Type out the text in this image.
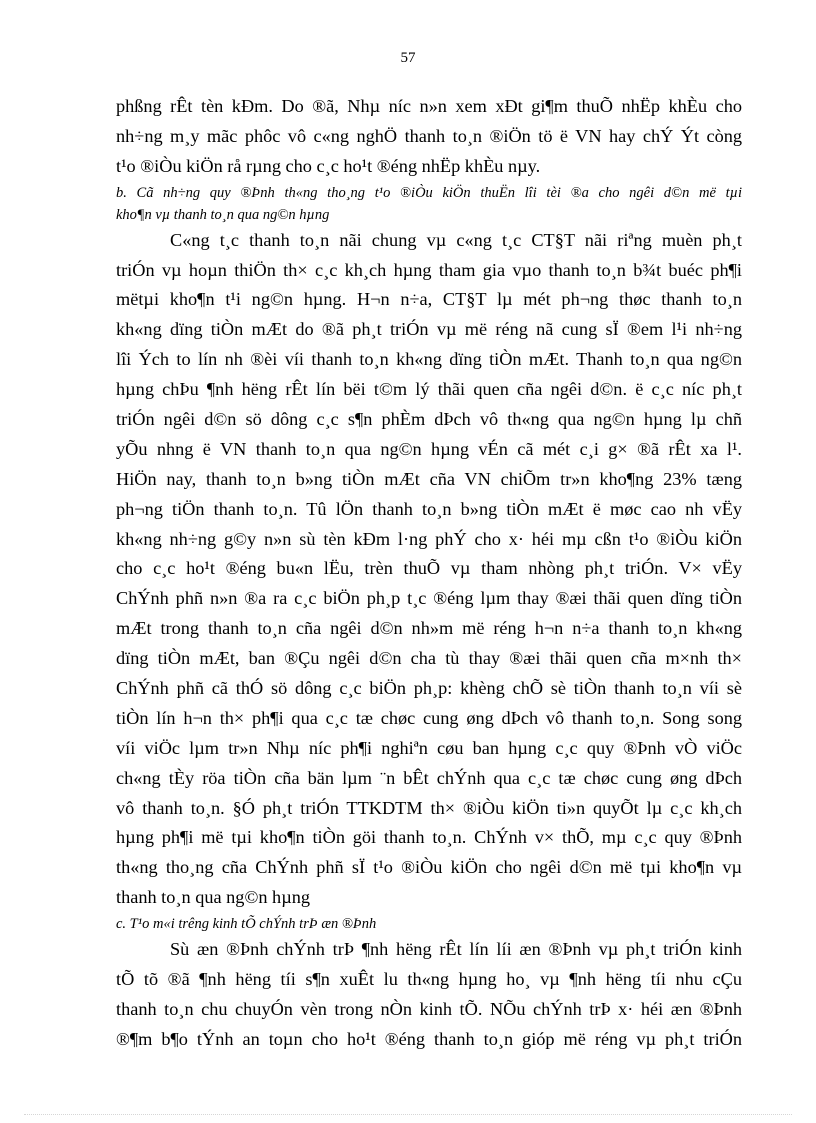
57
phßng rÊt tèn kÐm. Do ®ã, Nhµ níc n»n xem xÐt gi¶m thuÕ nhËp khÈu cho
nh÷ng m¸y mãc phôc vô c«ng nghÖ thanh to¸n ®iÖn tö ë VN hay chÝ Ýt còng
t¹o ®iÒu kiÖn rå rµng cho c¸c ho¹t ®éng nhËp khÈu nµy.
b. Cã nh÷ng quy ®Þnh th«ng tho¸ng t¹o ®iÒu kiÖn thuËn lîi tèi ®a cho ngêi d©n më tµi
kho¶n vµ thanh to¸n qua ng©n hµng
C«ng t¸c thanh to¸n nãi chung vµ c«ng t¸c CT§T nãi riªng muèn ph¸t
triÓn vµ hoµn thiÖn th× c¸c kh¸ch hµng tham gia vµo thanh to¸n b¾t buéc ph¶i
mëtµi kho¶n t¹i ng©n hµng. H¬n n÷a, CT§T lµ mét ph¬ng thøc thanh to¸n
kh«ng dïng tiÒn mÆt do ®ã ph¸t triÓn vµ më réng nã cung sÏ ®em l¹i nh÷ng
lîi Ých to lín nh ®èi víi thanh to¸n kh«ng dïng tiÒn mÆt. Thanh to¸n qua ng©n
hµng chÞu ¶nh hëng rÊt lín bëi t©m lý thãi quen cña ngêi d©n. ë c¸c níc ph¸t
triÓn ngêi d©n sö dông c¸c s¶n phÈm dÞch vô th«ng qua ng©n hµng lµ chñ
yÕu nhng ë VN thanh to¸n qua ng©n hµng vÉn cã mét c¸i g× ®ã rÊt xa l¹.
HiÖn nay, thanh to¸n b»ng tiÒn mÆt cña VN chiÕm tr»n kho¶ng 23% tæng
ph¬ng tiÖn thanh to¸n. Tû lÖn thanh to¸n b»ng tiÒn mÆt ë møc cao nh vËy
kh«ng nh÷ng g©y n»n sù tèn kÐm l·ng phÝ cho x· héi mµ cßn t¹o ®iÒu kiÖn
cho c¸c ho¹t ®éng bu«n lËu, trèn thuÕ vµ tham nhòng ph¸t triÓn. V× vËy
ChÝnh phñ n»n ®a ra c¸c biÖn ph¸p t¸c ®éng lµm thay ®æi thãi quen dïng tiÒn
mÆt trong thanh to¸n cña ngêi d©n nh»m më réng h¬n n÷a thanh to¸n kh«ng
dïng tiÒn mÆt, ban ®Çu ngêi d©n cha tù thay ®æi thãi quen cña m×nh th×
ChÝnh phñ cã thÓ sö dông c¸c biÖn ph¸p: khèng chÕ sè tiÒn thanh to¸n víi sè
tiÒn lín h¬n th× ph¶i qua c¸c tæ chøc cung øng dÞch vô thanh to¸n. Song song
víi viÖc lµm tr»n Nhµ níc ph¶i nghiªn cøu ban hµng c¸c quy ®Þnh vÒ viÖc
ch«ng tÈy röa tiÒn cña bän lµm ¨n bÊt chÝnh qua c¸c tæ chøc cung øng dÞch
vô thanh to¸n. §Ó ph¸t triÓn TTKDTM th× ®iÒu kiÖn ti»n quyÕt lµ c¸c kh¸ch
hµng ph¶i më tµi kho¶n tiÒn göi thanh to¸n. ChÝnh v× thÕ, mµ c¸c quy ®Þnh
th«ng tho¸ng cña ChÝnh phñ sÏ t¹o ®iÒu kiÖn cho ngêi d©n më tµi kho¶n vµ
thanh to¸n qua ng©n hµng
c. T¹o m«i trêng kinh tÕ chÝnh trÞ æn ®Þnh
Sù æn ®Þnh chÝnh trÞ ¶nh hëng rÊt lín líi æn ®Þnh vµ ph¸t triÓn kinh
tÕ tõ ®ã ¶nh hëng tíi s¶n xuÊt lu th«ng hµng ho¸ vµ ¶nh hëng tíi nhu cÇu
thanh to¸n chu chuyÓn vèn trong nÒn kinh tÕ. NÕu chÝnh trÞ x· héi æn ®Þnh
®¶m b¶o tÝnh an toµn cho ho¹t ®éng thanh to¸n gióp më réng vµ ph¸t triÓn
